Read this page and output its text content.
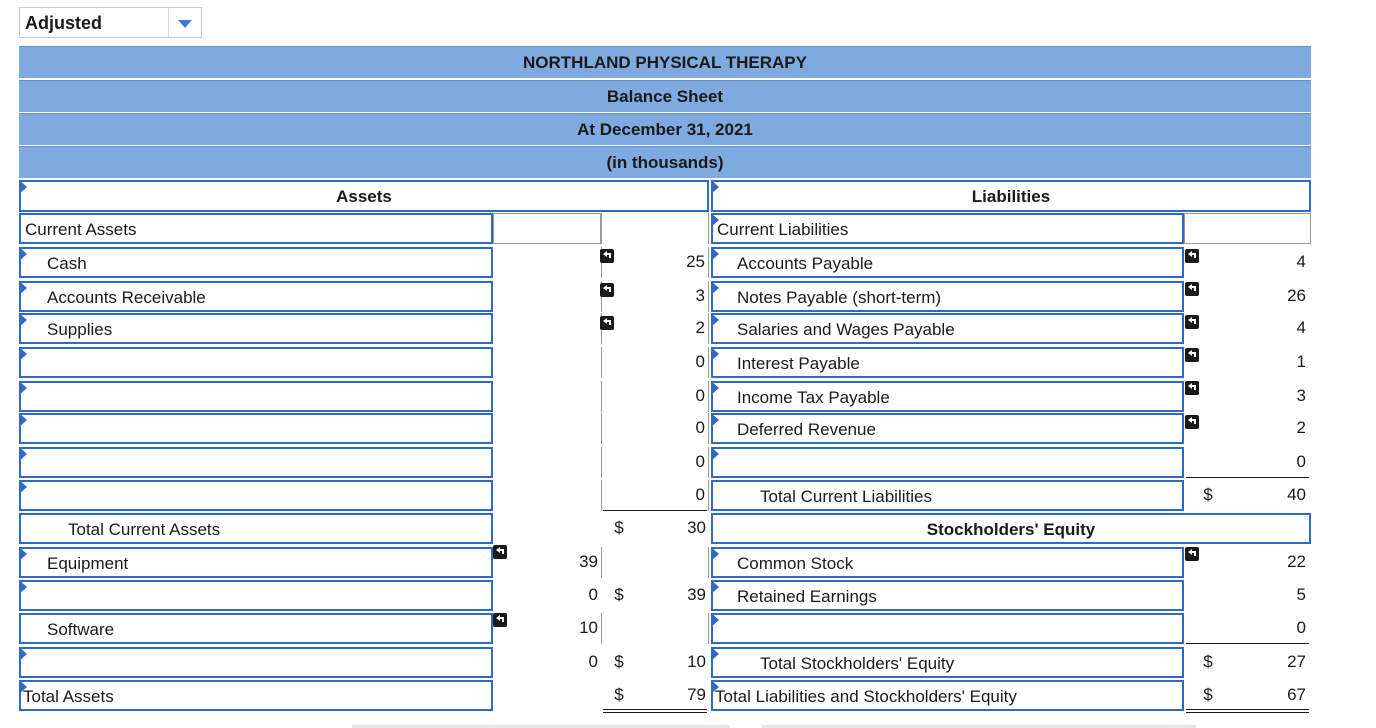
Adjusted
NORTHLAND PHYSICAL THERAPY
Balance Sheet
At December 31, 2021
(in thousands)
Assets	Liabilities
Current Assets
Cash	25
Accounts Receivable	3
Supplies	2
0
0
0
0
0
Total Current Assets	$	30
Equipment	39
0 $	39
Software	10
0 $	10
Total Assets	$	79
Current Liabilities
Accounts Payable	4
Notes Payable (short-term)	26
Salaries and Wages Payable	4
Interest Payable	1
Income Tax Payable	3
Deferred Revenue	2
0
Total Current Liabilities	$	40
Stockholders' Equity
Common Stock	22
Retained Earnings	5
0
Total Stockholders' Equity	$	27
Total Liabilities and Stockholders' Equity	$	67
